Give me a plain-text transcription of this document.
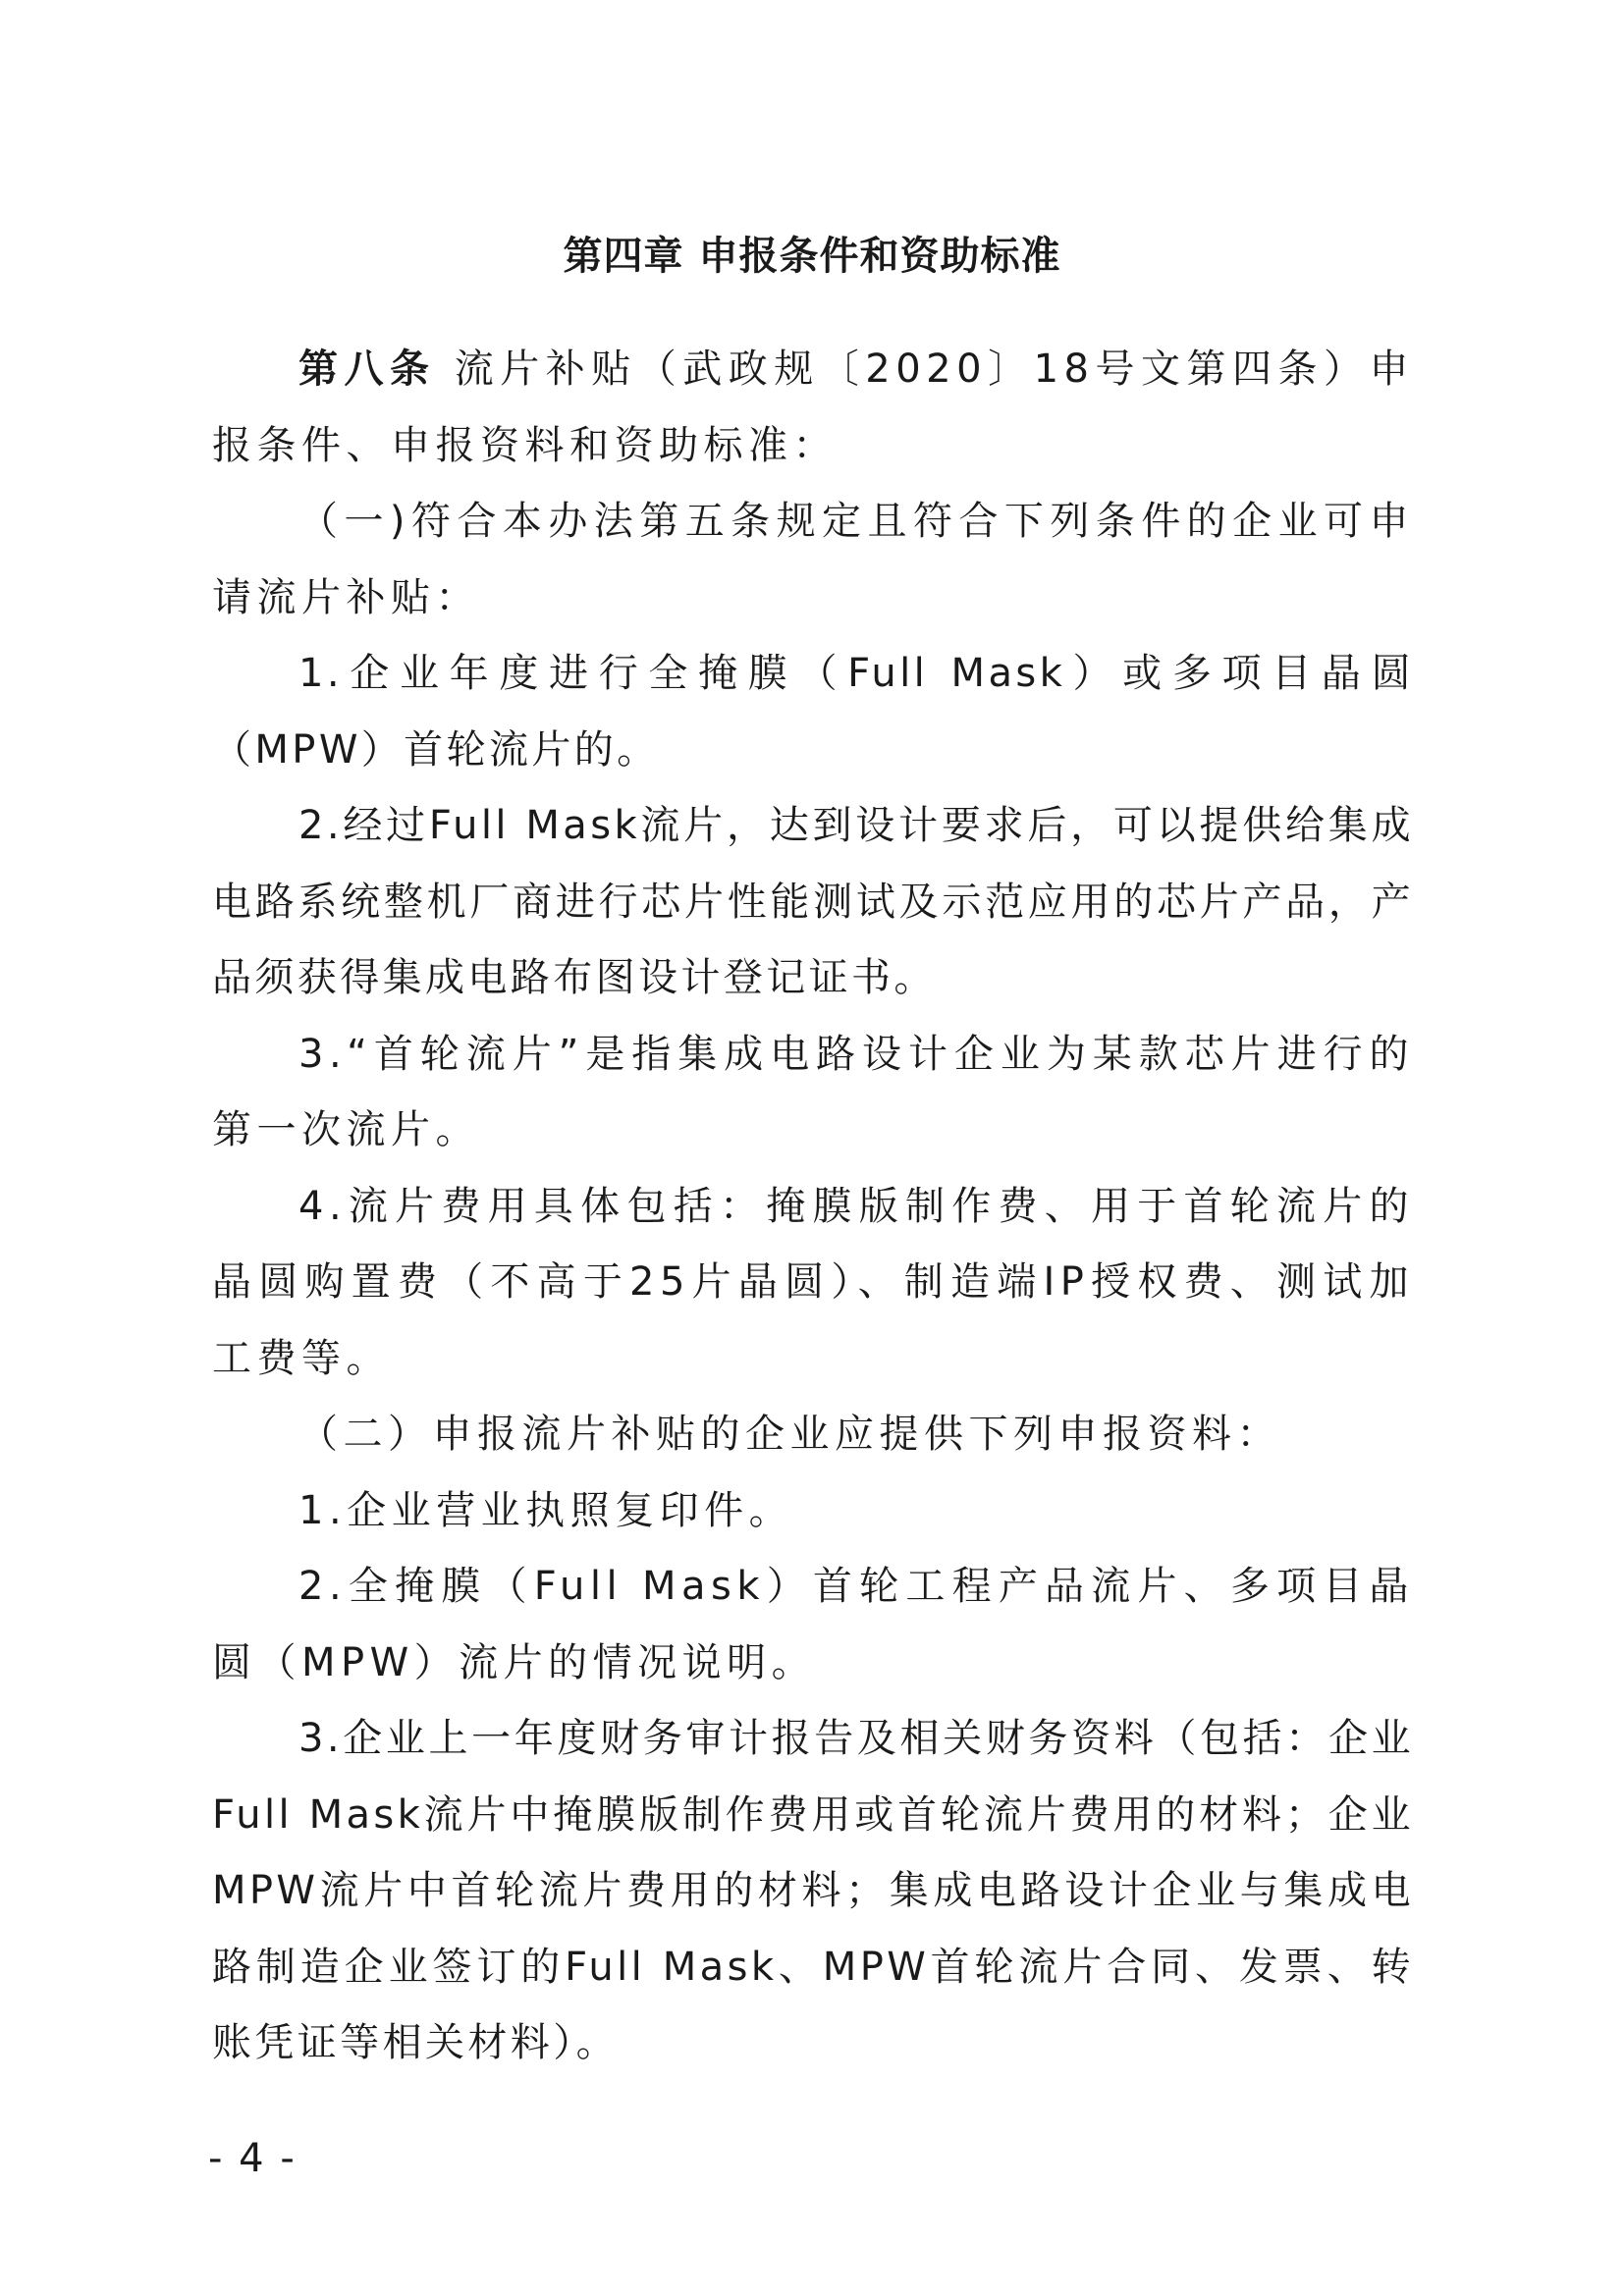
第四章 申报条件和资助标准

第八条 流片补贴（武政规〔2020〕18号文第四条）申报条件、申报资料和资助标准：

（一)符合本办法第五条规定且符合下列条件的企业可申请流片补贴：

1.企业年度进行全掩膜（Full Mask）或多项目晶圆（MPW）首轮流片的。

2.经过Full Mask流片，达到设计要求后，可以提供给集成电路系统整机厂商进行芯片性能测试及示范应用的芯片产品，产品须获得集成电路布图设计登记证书。

3.“首轮流片”是指集成电路设计企业为某款芯片进行的第一次流片。

4.流片费用具体包括：掩膜版制作费、用于首轮流片的晶圆购置费（不高于25片晶圆）、制造端IP授权费、测试加工费等。

（二）申报流片补贴的企业应提供下列申报资料：

1.企业营业执照复印件。

2.全掩膜（Full Mask）首轮工程产品流片、多项目晶圆（MPW）流片的情况说明。

3.企业上一年度财务审计报告及相关财务资料（包括：企业Full Mask流片中掩膜版制作费用或首轮流片费用的材料；企业MPW流片中首轮流片费用的材料；集成电路设计企业与集成电路制造企业签订的Full Mask、MPW首轮流片合同、发票、转账凭证等相关材料）。

- 4 -
